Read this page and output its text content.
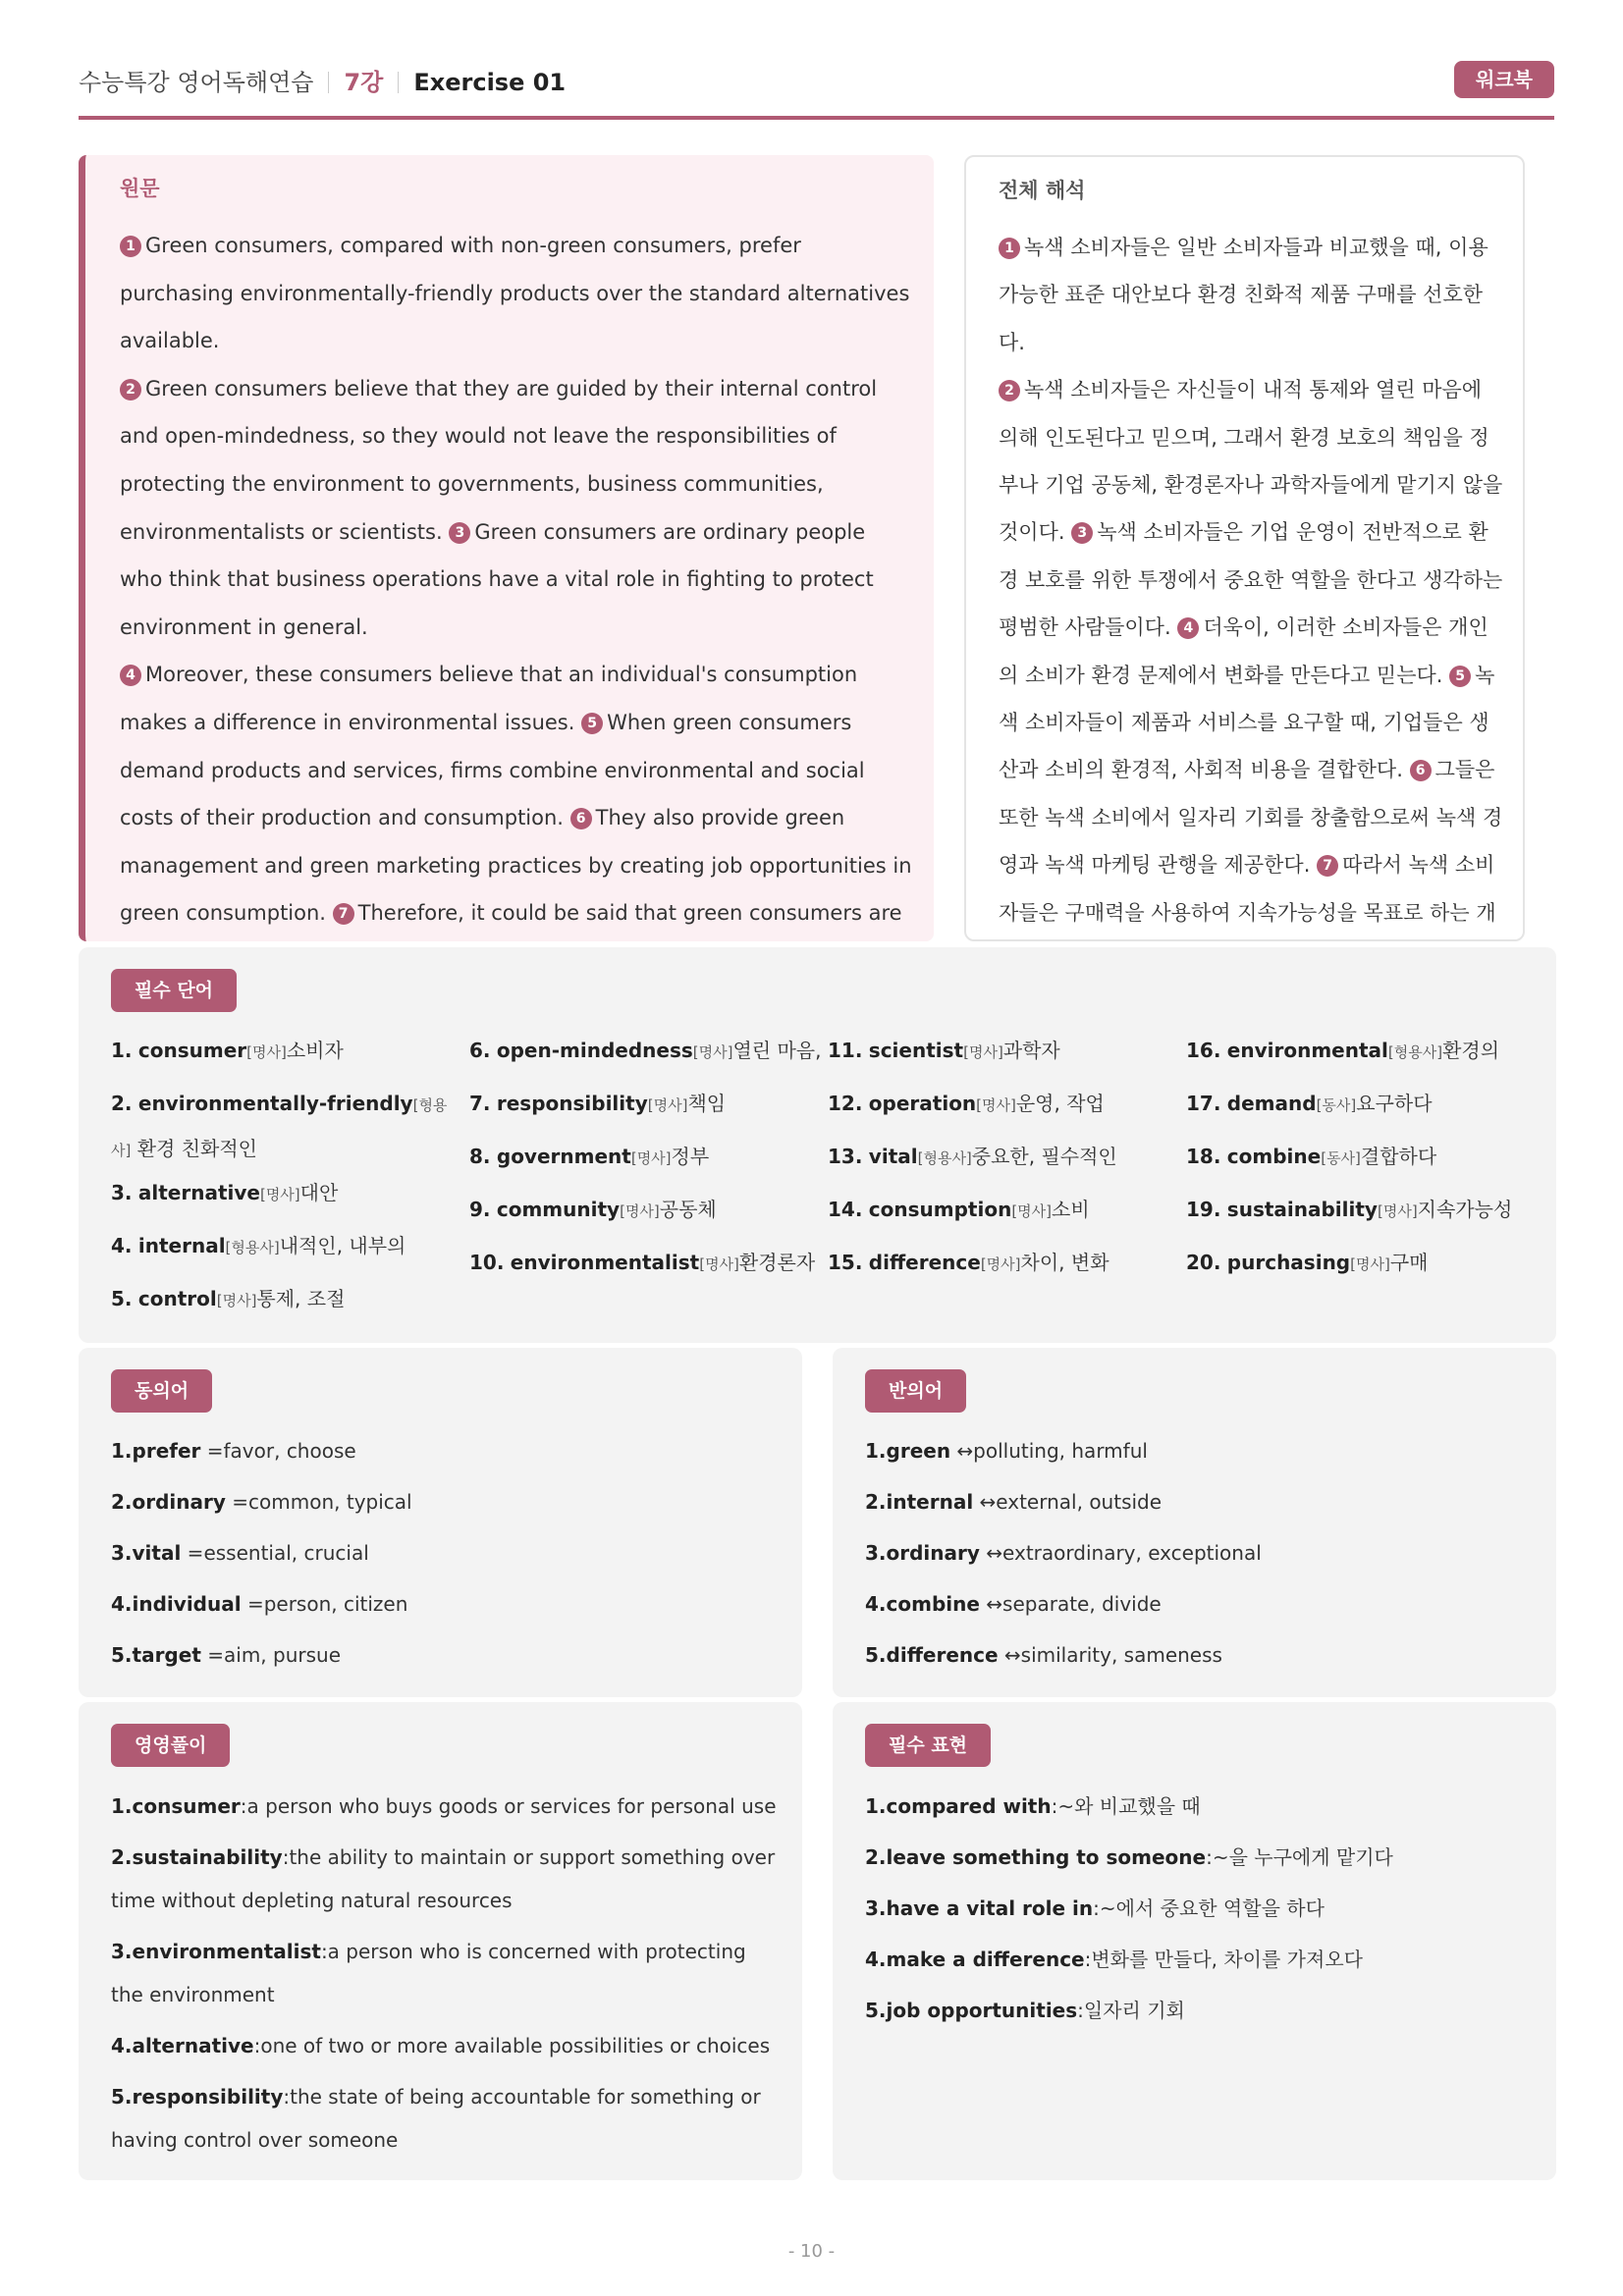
수능특강 영어독해연습 7강 Exercise 01	워크북
원문
1 Green consumers, compared with non-green consumers, prefer purchasing environmentally-friendly products over the standard alternatives available.
2 Green consumers believe that they are guided by their internal control and open-mindedness, so they would not leave the responsibilities of protecting the environment to governments, business communities, environmentalists or scientists. 3 Green consumers are ordinary people who think that business operations have a vital role in fighting to protect environment in general.
4 Moreover, these consumers believe that an individual's consumption makes a difference in environmental issues. 5 When green consumers demand products and services, firms combine environmental and social costs of their production and consumption. 6 They also provide green management and green marketing practices by creating job opportunities in green consumption. 7 Therefore, it could be said that green consumers are
전체 해석
1 녹색 소비자들은 일반 소비자들과 비교했을 때, 이용 가능한 표준 대안보다 환경 친화적 제품 구매를 선호한다.
2 녹색 소비자들은 자신들이 내적 통제와 열린 마음에 의해 인도된다고 믿으며, 그래서 환경 보호의 책임을 정부나 기업 공동체, 환경론자나 과학자들에게 맡기지 않을 것이다. 3 녹색 소비자들은 기업 운영이 전반적으로 환경 보호를 위한 투쟁에서 중요한 역할을 한다고 생각하는 평범한 사람들이다. 4 더욱이, 이러한 소비자들은 개인의 소비가 환경 문제에서 변화를 만든다고 믿는다. 5 녹색 소비자들이 제품과 서비스를 요구할 때, 기업들은 생산과 소비의 환경적, 사회적 비용을 결합한다. 6 그들은 또한 녹색 소비에서 일자리 기회를 창출함으로써 녹색 경영과 녹색 마케팅 관행을 제공한다. 7 따라서 녹색 소비자들은 구매력을 사용하여 지속가능성을 목표로 하는 개
필수 단어
1. consumer[명사]소비자
2. environmentally-friendly[형용사] 환경 친화적인
3. alternative[명사]대안
4. internal[형용사]내적인, 내부의
5. control[명사]통제, 조절
6. open-mindedness[명사]열린 마음,
7. responsibility[명사]책임
8. government[명사]정부
9. community[명사]공동체
10. environmentalist[명사]환경론자
11. scientist[명사]과학자
12. operation[명사]운영, 작업
13. vital[형용사]중요한, 필수적인
14. consumption[명사]소비
15. difference[명사]차이, 변화
16. environmental[형용사]환경의
17. demand[동사]요구하다
18. combine[동사]결합하다
19. sustainability[명사]지속가능성
20. purchasing[명사]구매
동의어
1.prefer =favor, choose
2.ordinary =common, typical
3.vital =essential, crucial
4.individual =person, citizen
5.target =aim, pursue
반의어
1.green ↔polluting, harmful
2.internal ↔external, outside
3.ordinary ↔extraordinary, exceptional
4.combine ↔separate, divide
5.difference ↔similarity, sameness
영영풀이
1.consumer:a person who buys goods or services for personal use
2.sustainability:the ability to maintain or support something over time without depleting natural resources
3.environmentalist:a person who is concerned with protecting the environment
4.alternative:one of two or more available possibilities or choices
5.responsibility:the state of being accountable for something or having control over someone
필수 표현
1.compared with:~와 비교했을 때
2.leave something to someone:~을 누구에게 맡기다
3.have a vital role in:~에서 중요한 역할을 하다
4.make a difference:변화를 만들다, 차이를 가져오다
5.job opportunities:일자리 기회
- 10 -
